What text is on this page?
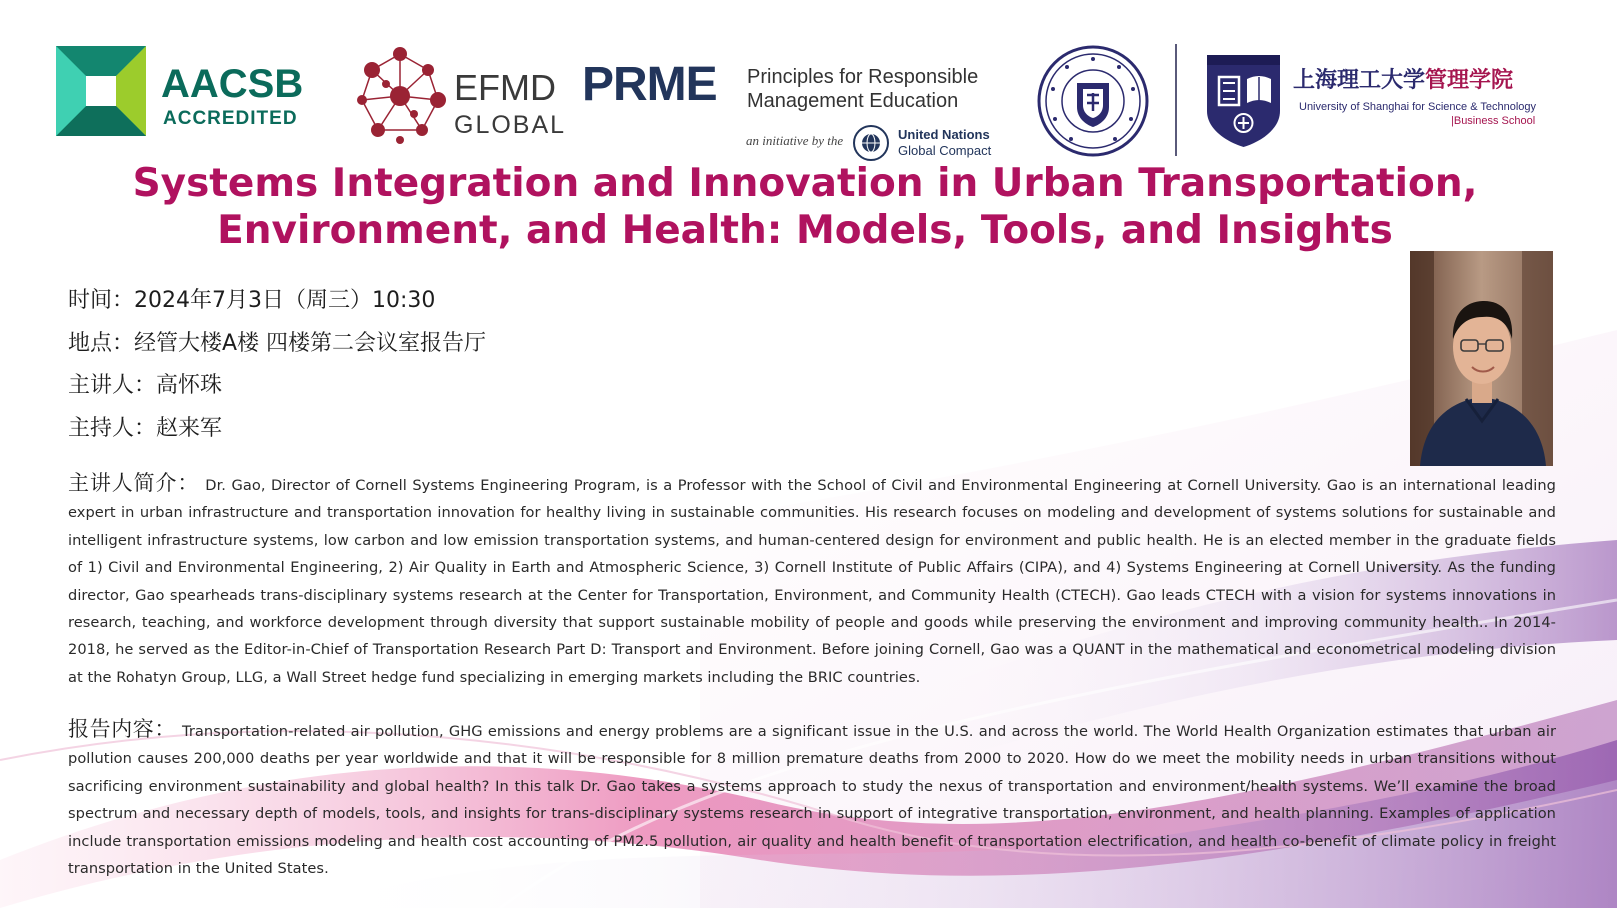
AACSB
ACCREDITED
EFMD
GLOBAL
PRME Principles for Responsible
Management Education
an initiative by the	United Nations
Global Compact
上海理工大学管理学院
University of Shanghai for Science & Technology
|Business School
Systems Integration and Innovation in Urban Transportation,
Environment, and Health: Models, Tools, and Insights
时间：2024年7月3日（周三）10:30
地点：经管大楼A楼 四楼第二会议室报告厅
主讲人：高怀珠
主持人：赵来军
主讲人简介： Dr. Gao, Director of Cornell Systems Engineering Program, is a Professor with the School of Civil and Environmental Engineering at Cornell University. Gao is an international leading expert in urban infrastructure and transportation innovation for healthy living in sustainable communities. His research focuses on modeling and development of systems solutions for sustainable and intelligent infrastructure systems, low carbon and low emission transportation systems, and human-centered design for environment and public health. He is an elected member in the graduate fields of 1) Civil and Environmental Engineering, 2) Air Quality in Earth and Atmospheric Science, 3) Cornell Institute of Public Affairs (CIPA), and 4) Systems Engineering at Cornell University. As the funding director, Gao spearheads trans-disciplinary systems research at the Center for Transportation, Environment, and Community Health (CTECH). Gao leads CTECH with a vision for systems innovations in research, teaching, and workforce development through diversity that support sustainable mobility of people and goods while preserving the environment and improving community health.. In 2014-2018, he served as the Editor-in-Chief of Transportation Research Part D: Transport and Environment. Before joining Cornell, Gao was a QUANT in the mathematical and econometrical modeling division at the Rohatyn Group, LLG, a Wall Street hedge fund specializing in emerging markets including the BRIC countries.
报告内容： Transportation-related air pollution, GHG emissions and energy problems are a significant issue in the U.S. and across the world. The World Health Organization estimates that urban air pollution causes 200,000 deaths per year worldwide and that it will be responsible for 8 million premature deaths from 2000 to 2020. How do we meet the mobility needs in urban transitions without sacrificing environment sustainability and global health? In this talk Dr. Gao takes a systems approach to study the nexus of transportation and environment/health systems. We’ll examine the broad spectrum and necessary depth of models, tools, and insights for trans-disciplinary systems research in support of integrative transportation, environment, and health planning. Examples of application include transportation emissions modeling and health cost accounting of PM2.5 pollution, air quality and health benefit of transportation electrification, and health co-benefit of climate policy in freight transportation in the United States.
